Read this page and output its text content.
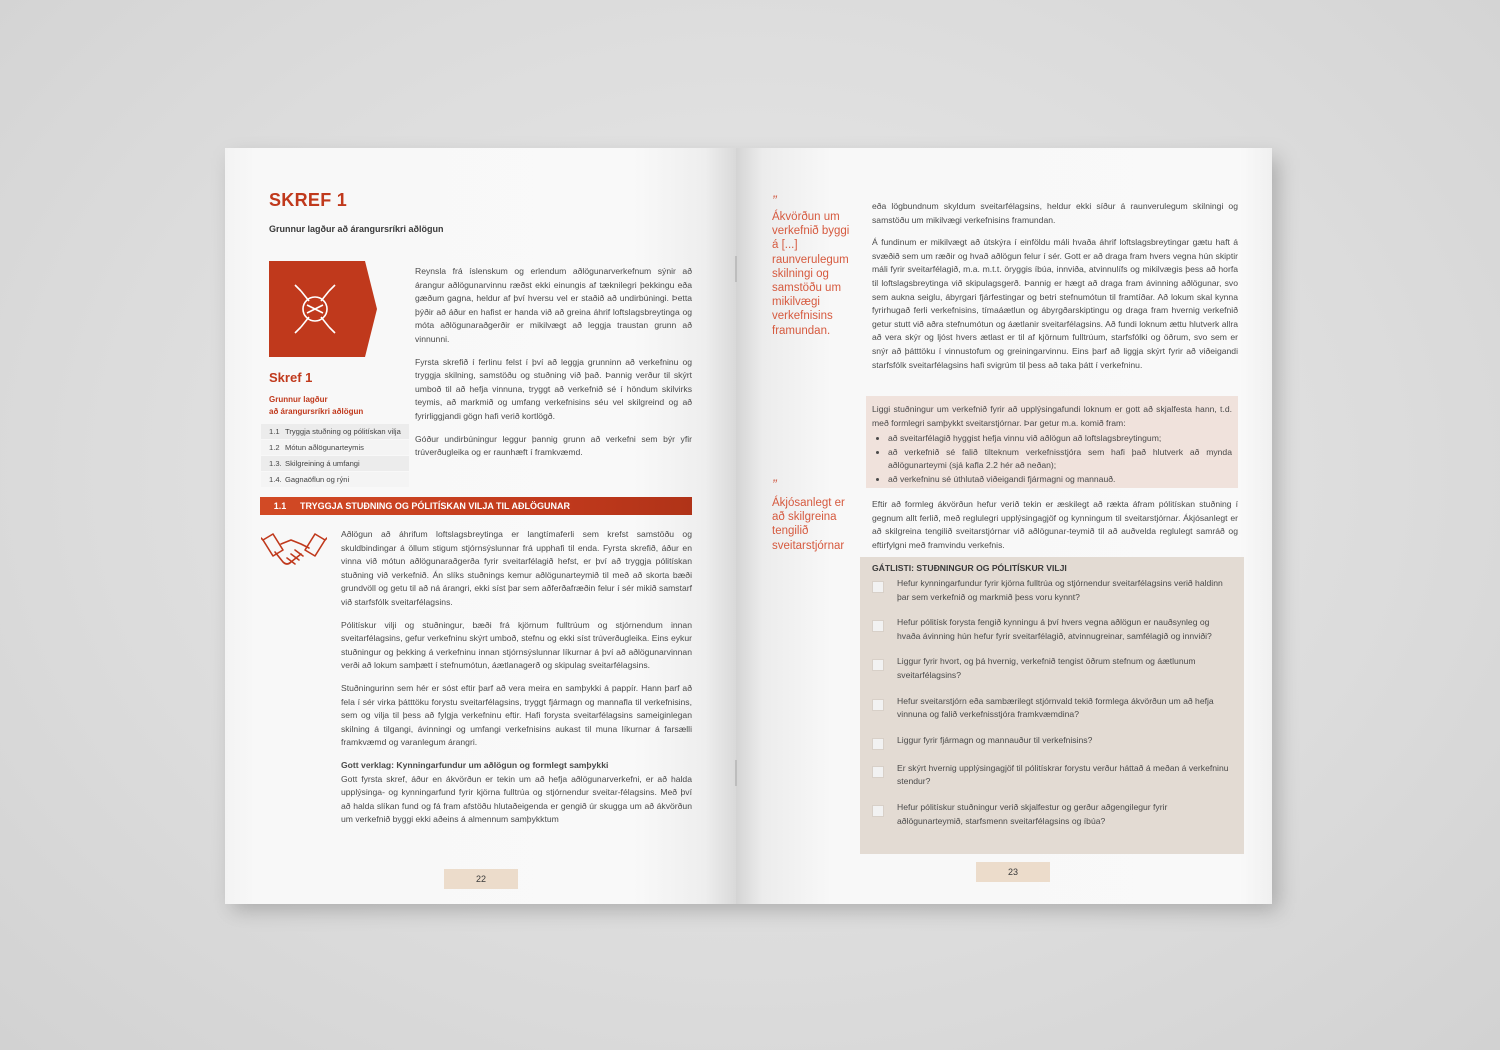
SKREF 1
Grunnur lagður að árangursríkri aðlögun

Reynsla frá íslenskum og erlendum aðlögunarverkefnum sýnir að árangur aðlögunarvinnu ræðst ekki einungis af tæknilegri þekkingu eða gæðum gagna, heldur af því hversu vel er staðið að undirbúningi. Þetta þýðir að áður en hafist er handa við að greina áhrif loftslagsbreytinga og móta aðlögunaraðgerðir er mikilvægt að leggja traustan grunn að vinnunni.

Fyrsta skrefið í ferlinu felst í því að leggja grunninn að verkefninu og tryggja skilning, samstöðu og stuðning við það. Þannig verður til skýrt umboð til að hefja vinnuna, tryggt að verkefnið sé í höndum skilvirks teymis, að markmið og umfang verkefnisins séu vel skilgreind og að fyrirliggjandi gögn hafi verið kortlögð.

Góður undirbúningur leggur þannig grunn að verkefni sem býr yfir trúverðugleika og er raunhæft í framkvæmd.

Skref 1
Grunnur lagður
að árangursríkri aðlögun
1.1 Tryggja stuðning og pólitískan vilja
1.2 Mótun aðlögunarteymis
1.3. Skilgreining á umfangi
1.4. Gagnaöflun og rýni
1.1	TRYGGJA STUÐNING OG PÓLITÍSKAN VILJA TIL AÐLÖGUNAR

Aðlögun að áhrifum loftslagsbreytinga er langtímaferli sem krefst samstöðu og skuldbindingar á öllum stigum stjórnsýslunnar frá upphafi til enda. Fyrsta skrefið, áður en vinna við mótun aðlögunaraðgerða fyrir sveitarfélagið hefst, er því að tryggja pólitískan stuðning við verkefnið. Án slíks stuðnings kemur aðlögunarteymið til með að skorta bæði grundvöll og getu til að ná árangri, ekki síst þar sem aðferðafræðin felur í sér mikið samstarf við starfsfólk sveitarfélagsins.

Pólitískur vilji og stuðningur, bæði frá kjörnum fulltrúum og stjórnendum innan sveitarfélagsins, gefur verkefninu skýrt umboð, stefnu og ekki síst trúverðugleika. Eins eykur stuðningur og þekking á verkefninu innan stjórnsýslunnar líkurnar á því að aðlögunarvinnan verði að lokum samþætt í stefnumótun, áætlanagerð og skipulag sveitarfélagsins.

Stuðningurinn sem hér er sóst eftir þarf að vera meira en samþykki á pappír. Hann þarf að fela í sér virka þátttöku forystu sveitarfélagsins, tryggt fjármagn og mannafla til verkefnisins, sem og vilja til þess að fylgja verkefninu eftir. Hafi forysta sveitarfélagsins sameiginlegan skilning á tilgangi, ávinningi og umfangi verkefnisins aukast til muna líkurnar á farsælli framkvæmd og varanlegum árangri.

Gott verklag: Kynningarfundur um aðlögun og formlegt samþykki

Gott fyrsta skref, áður en ákvörðun er tekin um að hefja aðlögunarverkefni, er að halda upplýsinga- og kynningarfund fyrir kjörna fulltrúa og stjórnendur sveitar-félagsins. Með því að halda slíkan fund og fá fram afstöðu hlutaðeigenda er gengið úr skugga um að ákvörðun um verkefnið byggi ekki aðeins á almennum samþykktum

22
”
Ákvörðun um verkefnið byggi á [...] raunverulegum skilningi og samstöðu um mikilvægi verkefnisins framundan.
”
Ákjósanlegt er að skilgreina tengilið sveitarstjórnar

eða lögbundnum skyldum sveitarfélagsins, heldur ekki síður á raunverulegum skilningi og samstöðu um mikilvægi verkefnisins framundan.

Á fundinum er mikilvægt að útskýra í einföldu máli hvaða áhrif loftslagsbreytingar gætu haft á svæðið sem um ræðir og hvað aðlögun felur í sér. Gott er að draga fram hvers vegna hún skiptir máli fyrir sveitarfélagið, m.a. m.t.t. öryggis íbúa, innviða, atvinnulífs og mikilvægis þess að horfa til loftslagsbreytinga við skipulagsgerð. Þannig er hægt að draga fram ávinning aðlögunar, svo sem aukna seiglu, ábyrgari fjárfestingar og betri stefnumótun til framtíðar. Að lokum skal kynna fyrirhugað ferli verkefnisins, tímaáætlun og ábyrgðarskiptingu og draga fram hvernig verkefnið getur stutt við aðra stefnumótun og áætlanir sveitarfélagsins. Að fundi loknum ættu hlutverk allra að vera skýr og ljóst hvers ætlast er til af kjörnum fulltrúum, starfsfólki og öðrum, svo sem er snýr að þátttöku í vinnustofum og greiningarvinnu. Eins þarf að liggja skýrt fyrir að viðeigandi starfsfólk sveitarfélagsins hafi svigrúm til þess að taka þátt í verkefninu.

Liggi stuðningur um verkefnið fyrir að upplýsingafundi loknum er gott að skjalfesta hann, t.d. með formlegri samþykkt sveitarstjórnar. Þar getur m.a. komið fram:

• að sveitarfélagið hyggist hefja vinnu við aðlögun að loftslagsbreytingum;
• að verkefnið sé falið tilteknum verkefnisstjóra sem hafi það hlutverk að mynda aðlögunarteymi (sjá kafla 2.2 hér að neðan);
• að verkefninu sé úthlutað viðeigandi fjármagni og mannauð.
Eftir að formleg ákvörðun hefur verið tekin er æskilegt að rækta áfram pólitískan stuðning í gegnum allt ferlið, með reglulegri upplýsingagjöf og kynningum til sveitarstjórnar. Ákjósanlegt er að skilgreina tengilið sveitarstjórnar við aðlögunar-teymið til að auðvelda reglulegt samráð og eftirfylgni með framvindu verkefnis.
GÁTLISTI: STUÐNINGUR OG PÓLITÍSKUR VILJI
Hefur kynningarfundur fyrir kjörna fulltrúa og stjórnendur sveitarfélagsins verið haldinn þar sem verkefnið og markmið þess voru kynnt?
Hefur pólitísk forysta fengið kynningu á því hvers vegna aðlögun er nauðsynleg og hvaða ávinning hún hefur fyrir sveitarfélagið, atvinnugreinar, samfélagið og innviði?
Liggur fyrir hvort, og þá hvernig, verkefnið tengist öðrum stefnum og áætlunum sveitarfélagsins?
Hefur sveitarstjórn eða sambærilegt stjórnvald tekið formlega ákvörðun um að hefja vinnuna og falið verkefnisstjóra framkvæmdina?
Liggur fyrir fjármagn og mannauður til verkefnisins?
Er skýrt hvernig upplýsingagjöf til pólitískrar forystu verður háttað á meðan á verkefninu stendur?
Hefur pólitískur stuðningur verið skjalfestur og gerður aðgengilegur fyrir aðlögunarteymið, starfsmenn sveitarfélagsins og íbúa?
23
